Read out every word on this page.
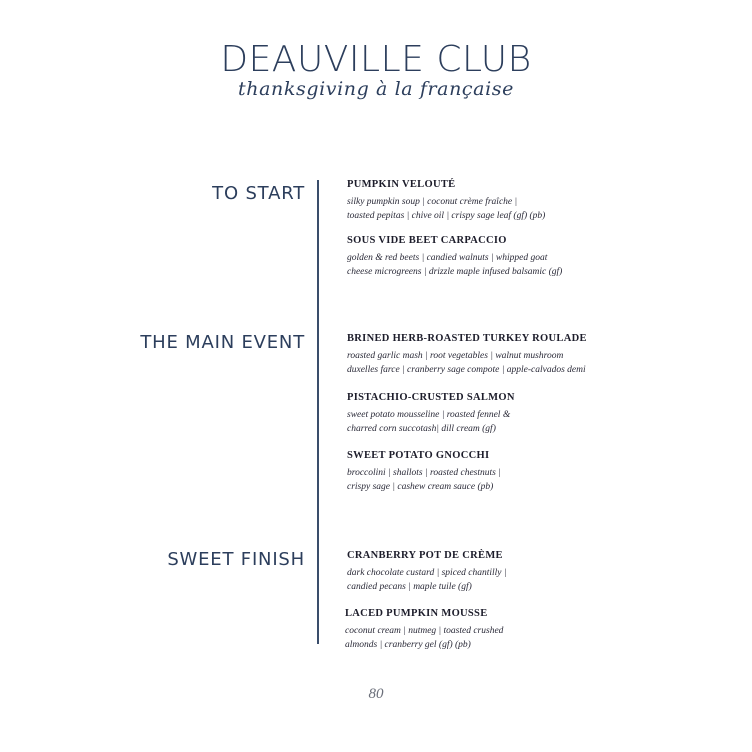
DEAUVILLE CLUB
thanksgiving à la française
TO START	PUMPKIN VELOUTÉ
silky pumpkin soup | coconut crème fraîche |
toasted pepitas | chive oil | crispy sage leaf (gf) (pb)
SOUS VIDE BEET CARPACCIO
golden & red beets | candied walnuts | whipped goat
cheese microgreens | drizzle maple infused balsamic (gf)
THE MAIN EVENT	BRINED HERB-ROASTED TURKEY ROULADE
roasted garlic mash | root vegetables | walnut mushroom
duxelles farce | cranberry sage compote | apple-calvados demi
PISTACHIO-CRUSTED SALMON
sweet potato mousseline | roasted fennel &
charred corn succotash| dill cream (gf)
SWEET POTATO GNOCCHI
broccolini | shallots | roasted chestnuts |
crispy sage | cashew cream sauce (pb)
SWEET FINISH	CRANBERRY POT DE CRÈME
dark chocolate custard | spiced chantilly |
candied pecans | maple tuile (gf)
LACED PUMPKIN MOUSSE
coconut cream | nutmeg | toasted crushed
almonds | cranberry gel (gf) (pb)
80
